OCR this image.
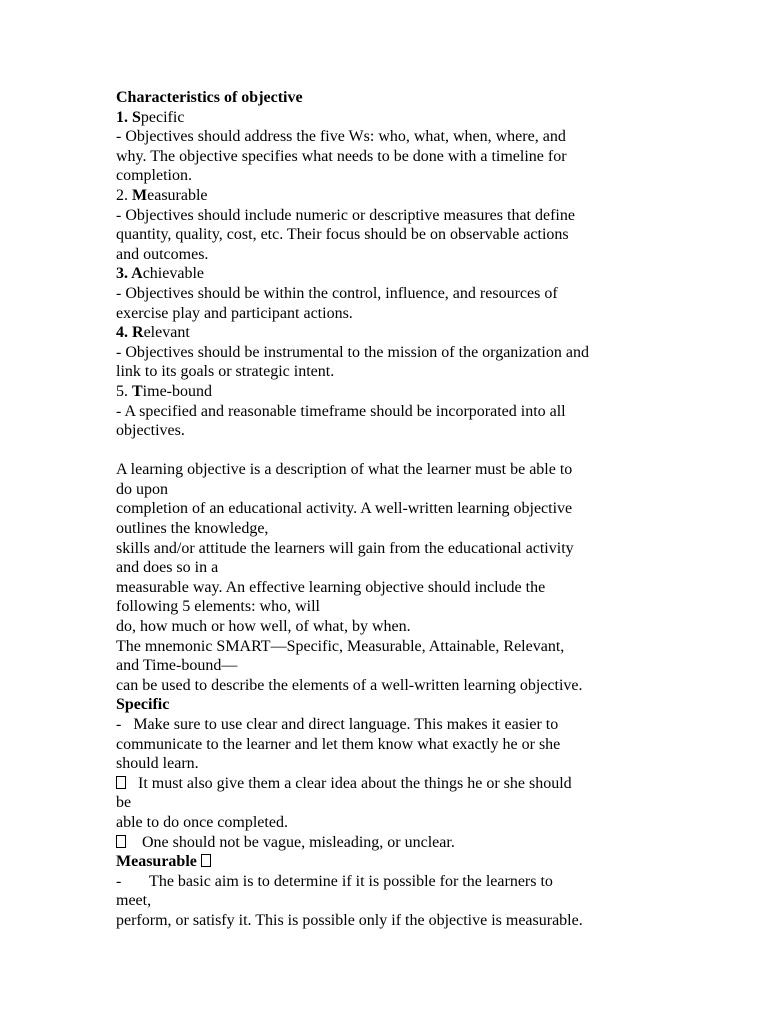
Characteristics of objective
1. Specific
- Objectives should address the five Ws: who, what, when, where, and
why. The objective specifies what needs to be done with a timeline for
completion.
2. Measurable
- Objectives should include numeric or descriptive measures that define
quantity, quality, cost, etc. Their focus should be on observable actions
and outcomes.
3. Achievable
- Objectives should be within the control, influence, and resources of
exercise play and participant actions.
4. Relevant
- Objectives should be instrumental to the mission of the organization and
link to its goals or strategic intent.
5. Time-bound
- A specified and reasonable timeframe should be incorporated into all
objectives.
A learning objective is a description of what the learner must be able to
do upon
completion of an educational activity. A well-written learning objective
outlines the knowledge,
skills and/or attitude the learners will gain from the educational activity
and does so in a
measurable way. An effective learning objective should include the
following 5 elements: who, will
do, how much or how well, of what, by when.
The mnemonic SMART—Specific, Measurable, Attainable, Relevant,
and Time-bound—
can be used to describe the elements of a well-written learning objective.
Specific
-   Make sure to use clear and direct language. This makes it easier to
communicate to the learner and let them know what exactly he or she
should learn.
It must also give them a clear idea about the things he or she should
be
able to do once completed.
One should not be vague, misleading, or unclear.
Measurable
-       The basic aim is to determine if it is possible for the learners to
meet,
perform, or satisfy it. This is possible only if the objective is measurable.
